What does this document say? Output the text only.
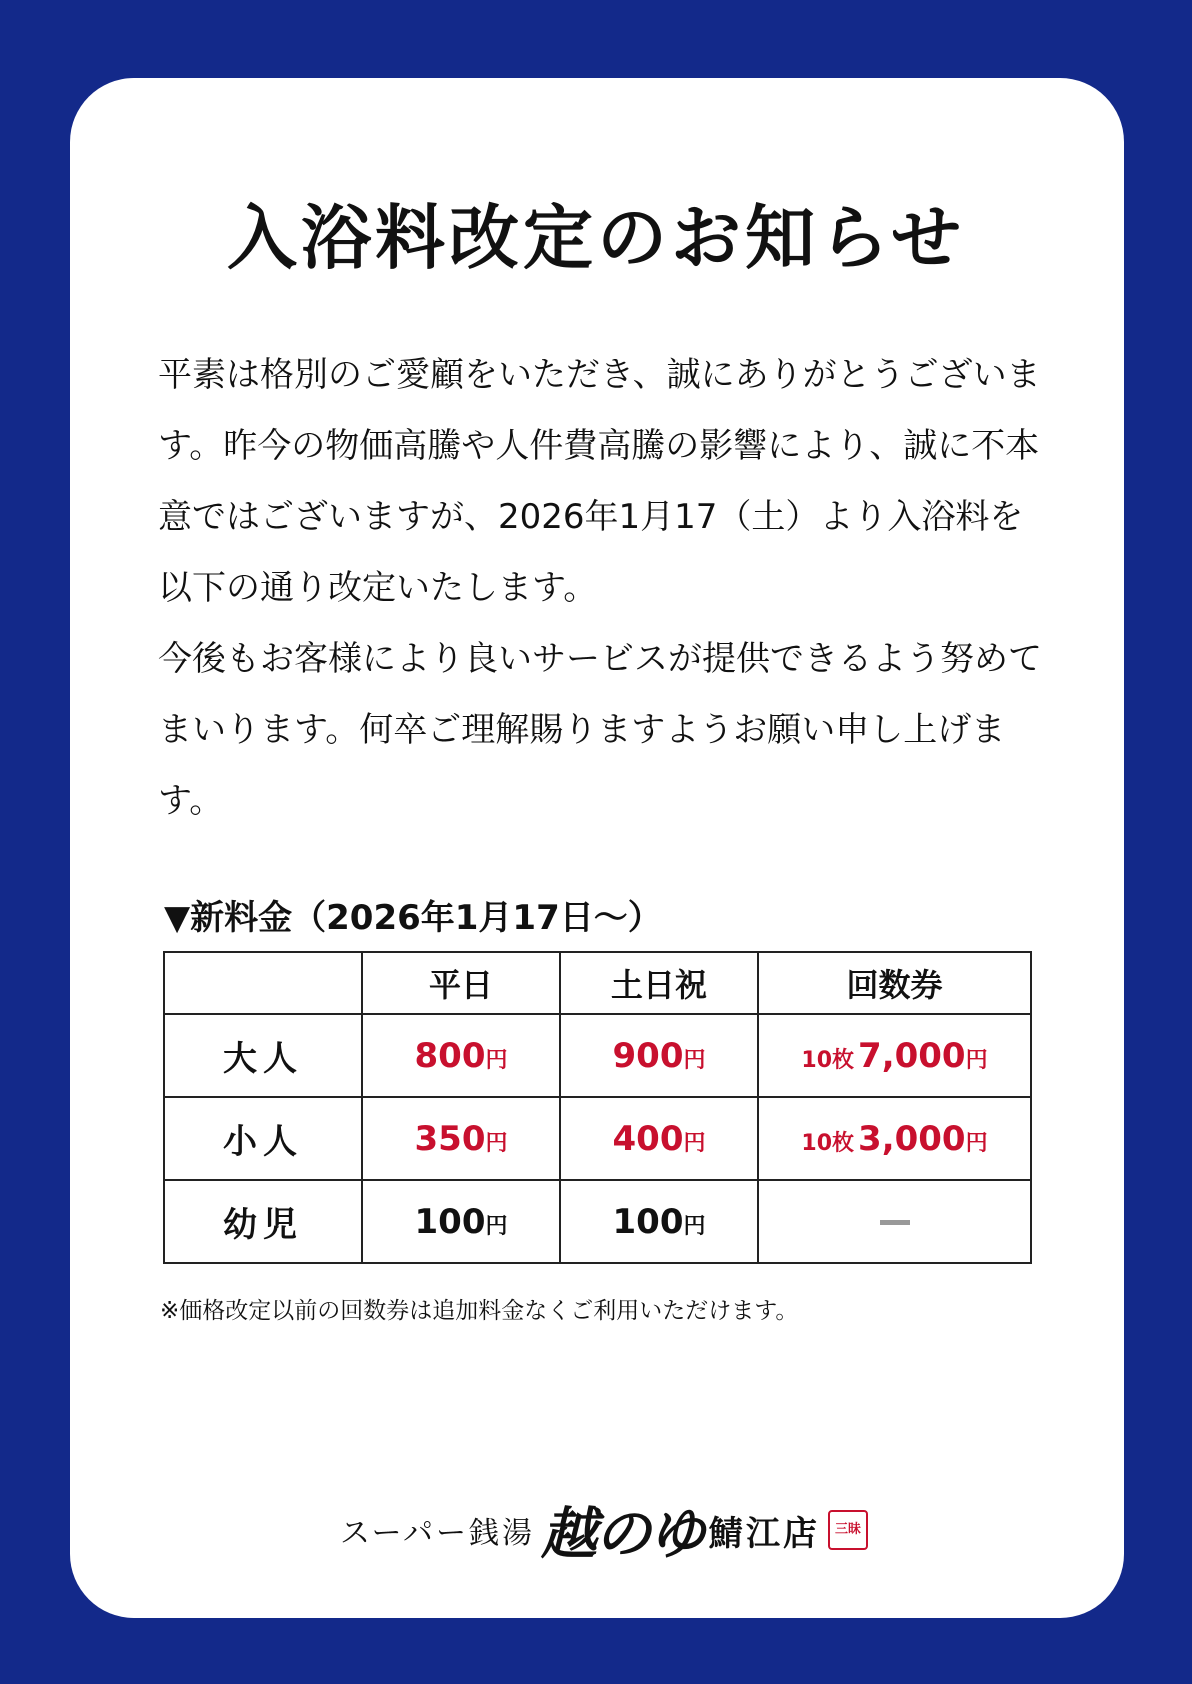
入浴料改定のお知らせ

平素は格別のご愛顧をいただき、誠にありがとうございます。昨今の物価高騰や人件費高騰の影響により、誠に不本意ではございますが、2026年1月17（土）より入浴料を以下の通り改定いたします。

今後もお客様により良いサービスが提供できるよう努めてまいります。何卒ご理解賜りますようお願い申し上げます。

▼新料金（2026年1月17日〜）
	平日	土日祝	回数券
大人	800円	900円	10枚 7,000円
小人	350円	400円	10枚 3,000円
幼児	100円	100円	
※価格改定以前の回数券は追加料金なくご利用いただけます。
スーパー銭湯 越のゆ 鯖江店	三昧
